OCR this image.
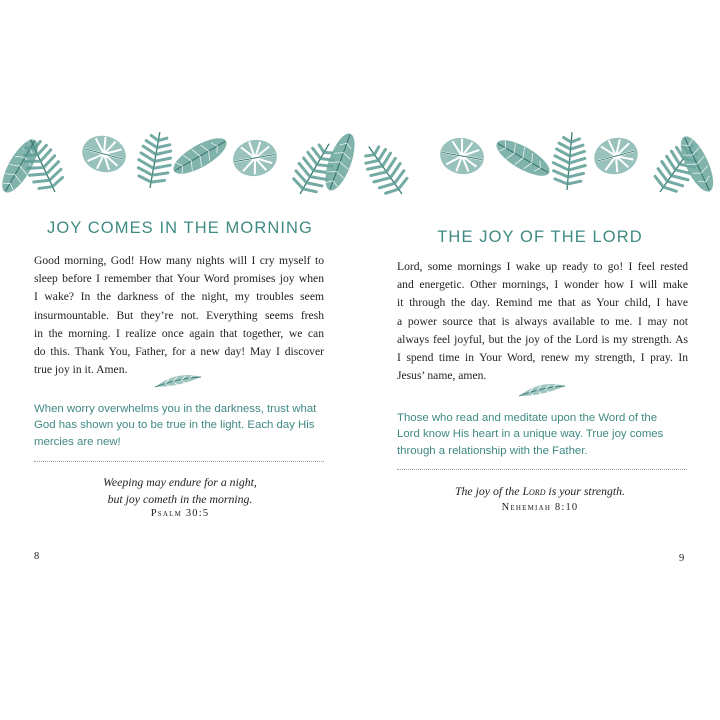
JOY COMES IN THE MORNING
Good morning, God! How many nights will I cry myself to
sleep before I remember that Your Word promises joy when
I wake? In the darkness of the night, my troubles seem
insurmountable. But they’re not. Everything seems fresh
in the morning. I realize once again that together, we can
do this. Thank You, Father, for a new day! May I discover
true joy in it. Amen.
When worry overwhelms you in the darkness, trust what
God has shown you to be true in the light. Each day His
mercies are new!
Weeping may endure for a night,
but joy cometh in the morning.
Psalm 30:5
8
THE JOY OF THE LORD
Lord, some mornings I wake up ready to go! I feel rested
and energetic. Other mornings, I wonder how I will make
it through the day. Remind me that as Your child, I have
a power source that is always available to me. I may not
always feel joyful, but the joy of the Lord is my strength. As
I spend time in Your Word, renew my strength, I pray. In
Jesus’ name, amen.
Those who read and meditate upon the Word of the
Lord know His heart in a unique way. True joy comes
through a relationship with the Father.
The joy of the Lord is your strength.
Nehemiah 8:10
9
